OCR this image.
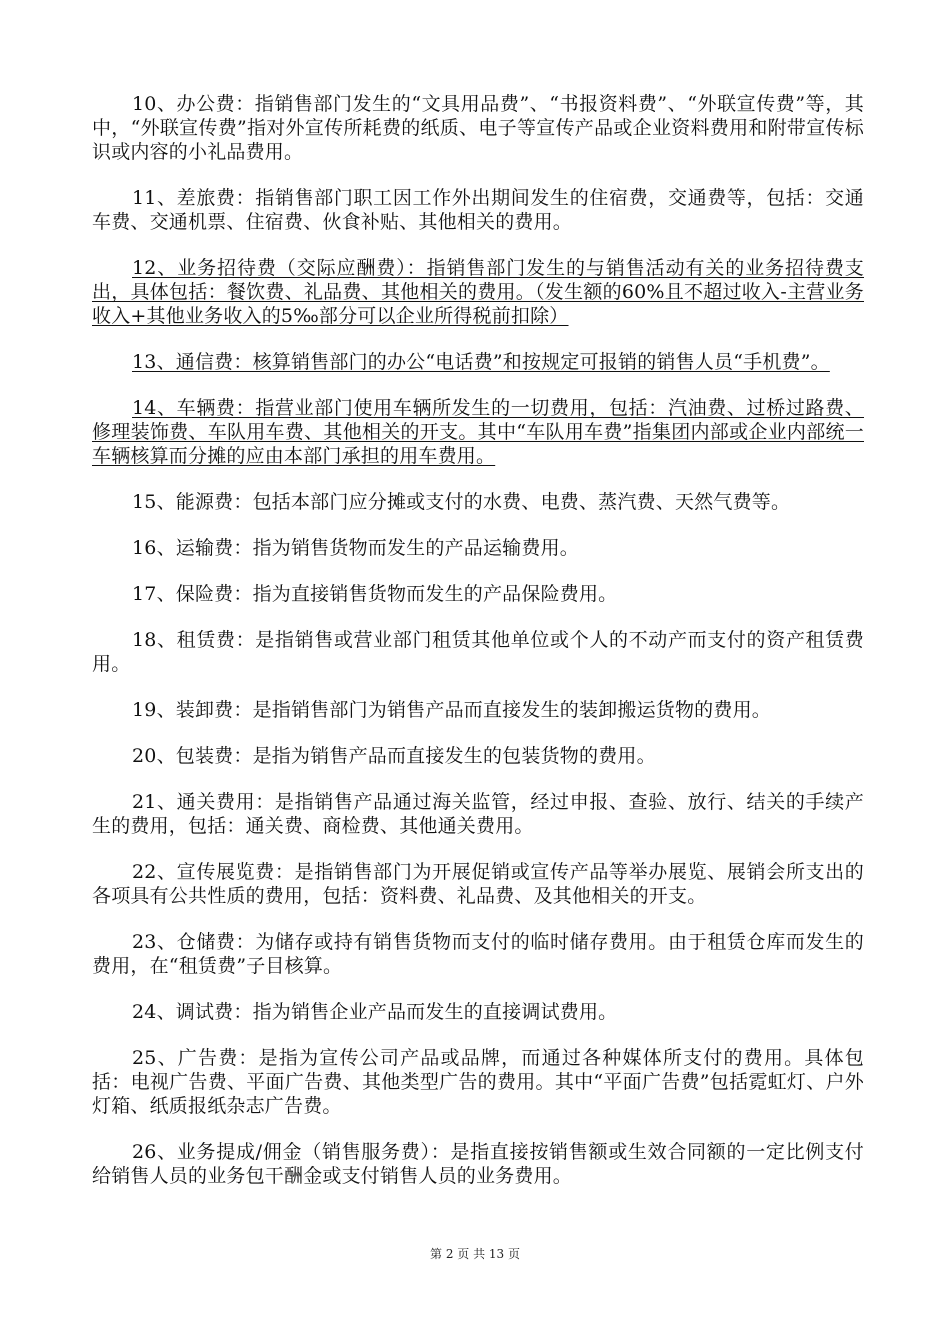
10、办公费：指销售部门发生的“文具用品费”、“书报资料费”、“外联宣传费”等，其中，“外联宣传费”指对外宣传所耗费的纸质、电子等宣传产品或企业资料费用和附带宣传标识或内容的小礼品费用。

11、差旅费：指销售部门职工因工作外出期间发生的住宿费，交通费等，包括：交通车费、交通机票、住宿费、伙食补贴、其他相关的费用。

12、业务招待费（交际应酬费）：指销售部门发生的与销售活动有关的业务招待费支出，具体包括：餐饮费、礼品费、其他相关的费用。（发生额的60%且不超过收入-主营业务收入+其他业务收入的5‰部分可以企业所得税前扣除）

13、通信费：核算销售部门的办公“电话费”和按规定可报销的销售人员“手机费”。

14、车辆费：指营业部门使用车辆所发生的一切费用，包括：汽油费、过桥过路费、修理装饰费、车队用车费、其他相关的开支。其中“车队用车费”指集团内部或企业内部统一车辆核算而分摊的应由本部门承担的用车费用。

15、能源费：包括本部门应分摊或支付的水费、电费、蒸汽费、天然气费等。

16、运输费：指为销售货物而发生的产品运输费用。

17、保险费：指为直接销售货物而发生的产品保险费用。

18、租赁费：是指销售或营业部门租赁其他单位或个人的不动产而支付的资产租赁费用。

19、装卸费：是指销售部门为销售产品而直接发生的装卸搬运货物的费用。

20、包装费：是指为销售产品而直接发生的包装货物的费用。

21、通关费用：是指销售产品通过海关监管，经过申报、查验、放行、结关的手续产生的费用，包括：通关费、商检费、其他通关费用。

22、宣传展览费：是指销售部门为开展促销或宣传产品等举办展览、展销会所支出的各项具有公共性质的费用，包括：资料费、礼品费、及其他相关的开支。

23、仓储费：为储存或持有销售货物而支付的临时储存费用。由于租赁仓库而发生的费用，在“租赁费”子目核算。

24、调试费：指为销售企业产品而发生的直接调试费用。

25、广告费：是指为宣传公司产品或品牌，而通过各种媒体所支付的费用。具体包括：电视广告费、平面广告费、其他类型广告的费用。其中“平面广告费”包括霓虹灯、户外灯箱、纸质报纸杂志广告费。

26、业务提成/佣金（销售服务费）：是指直接按销售额或生效合同额的一定比例支付给销售人员的业务包干酬金或支付销售人员的业务费用。

第 2 页 共 13 页
